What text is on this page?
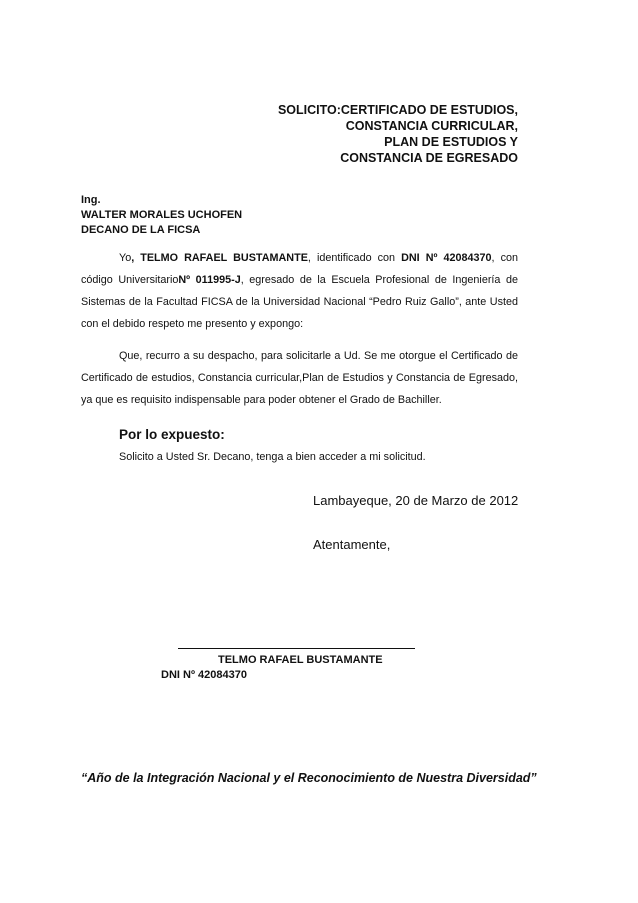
SOLICITO:CERTIFICADO DE ESTUDIOS,
CONSTANCIA CURRICULAR,
PLAN DE ESTUDIOS Y
CONSTANCIA DE EGRESADO
Ing.
WALTER MORALES UCHOFEN
DECANO DE LA FICSA
Yo, TELMO RAFAEL BUSTAMANTE, identificado con DNI Nº 42084370, con código UniversitarioNº 011995-J, egresado de la Escuela Profesional de Ingeniería de Sistemas de la Facultad FICSA de la Universidad Nacional “Pedro Ruiz Gallo”, ante Usted con el debido respeto me presento y expongo:
Que, recurro a su despacho, para solicitarle a Ud. Se me otorgue el Certificado de Certificado de estudios, Constancia curricular,Plan de Estudios y Constancia de Egresado, ya que es requisito indispensable para poder obtener el Grado de Bachiller.
Por lo expuesto:
Solicito a Usted Sr. Decano, tenga a bien acceder a mi solicitud.
Lambayeque, 20 de Marzo de 2012
Atentamente,
TELMO RAFAEL BUSTAMANTE
DNI Nº 42084370
“Año de la Integración Nacional y el Reconocimiento de Nuestra Diversidad”
